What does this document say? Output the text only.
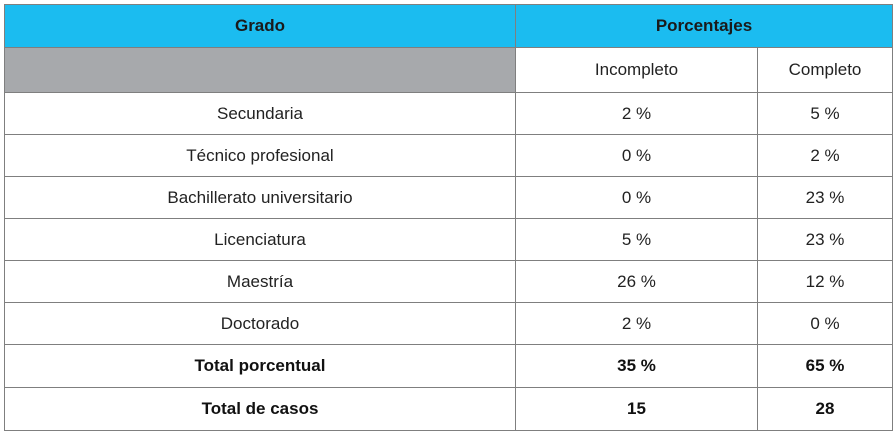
Grado	Porcentajes	
	Incompleto	Completo
Secundaria	2 %	5 %
Técnico profesional	0 %	2 %
Bachillerato universitario	0 %	23 %
Licenciatura	5 %	23 %
Maestría	26 %	12 %
Doctorado	2 %	0 %
Total porcentual	35 %	65 %
Total de casos	15	28
